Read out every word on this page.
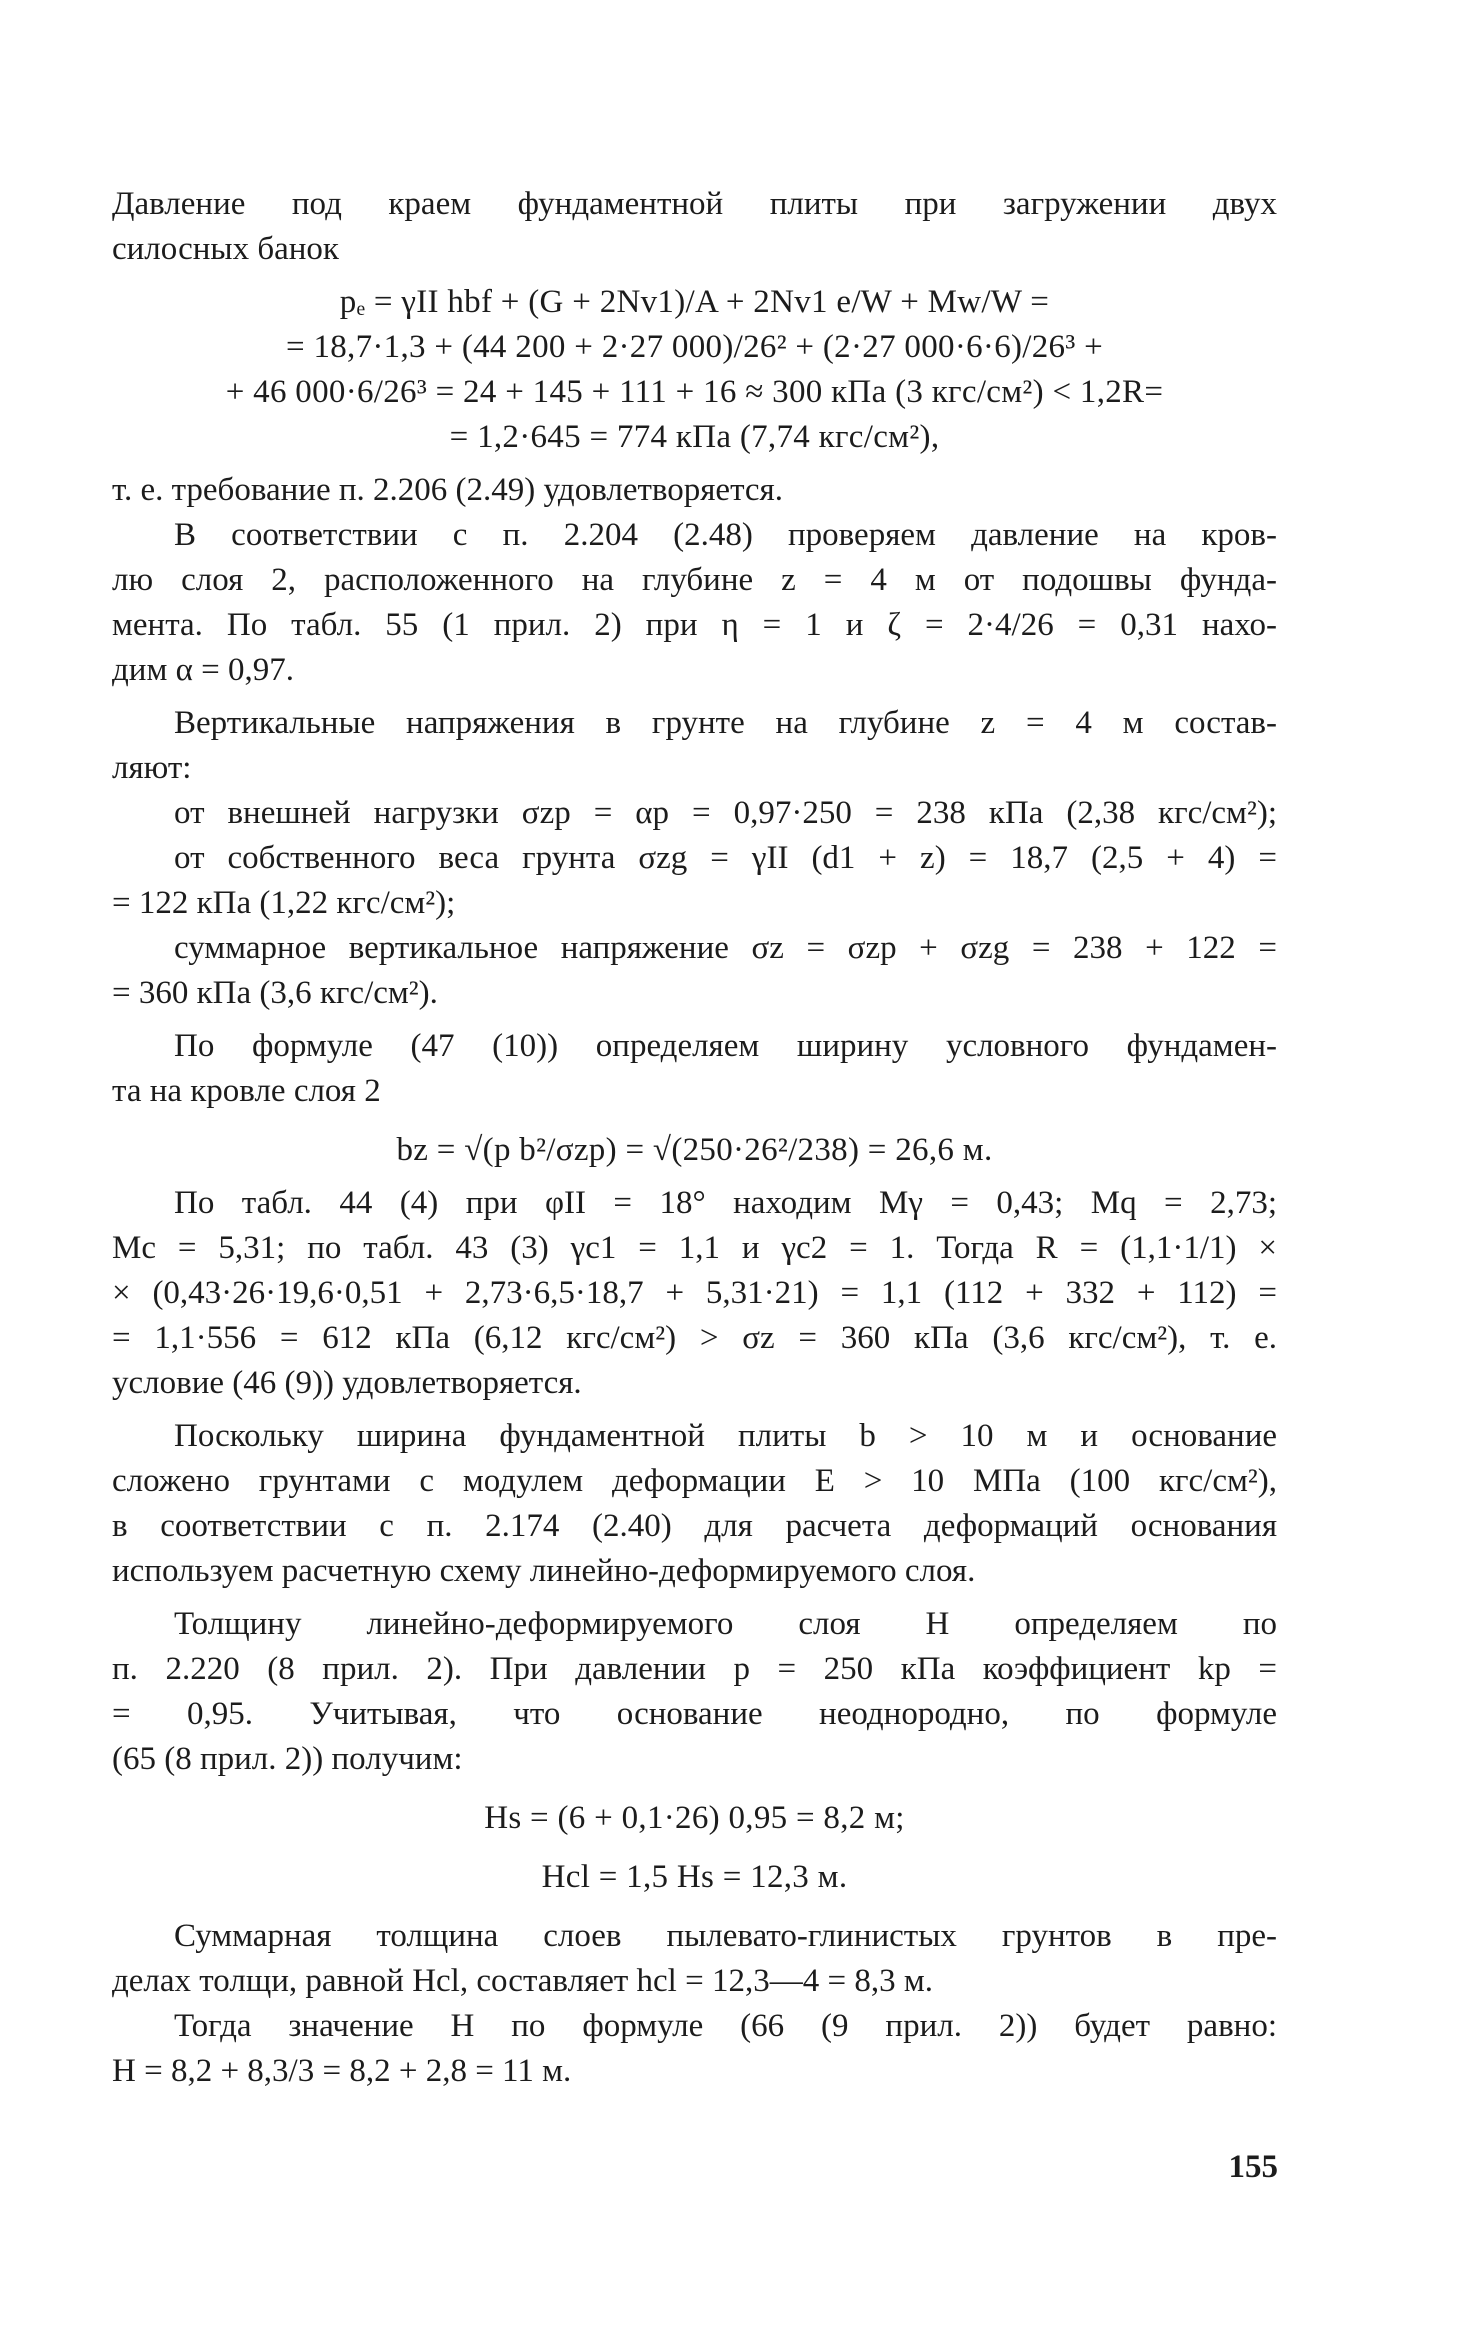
Давление под краем фундаментной плиты при загружении двух
силосных банок
pₑ = γII hbf + (G + 2Nv1)/A + 2Nv1 e/W + Mw/W =
= 18,7·1,3 + (44 200 + 2·27 000)/26² + (2·27 000·6·6)/26³ +
+ 46 000·6/26³ = 24 + 145 + 111 + 16 ≈ 300 кПа (3 кгс/см²) < 1,2R=
= 1,2·645 = 774 кПа (7,74 кгс/см²),
т. е. требование п. 2.206 (2.49) удовлетворяется.
В соответствии с п. 2.204 (2.48) проверяем давление на кров-
лю слоя 2, расположенного на глубине z = 4 м от подошвы фунда-
мента. По табл. 55 (1 прил. 2) при η = 1 и ζ = 2·4/26 = 0,31 нахо-
дим α = 0,97.
Вертикальные напряжения в грунте на глубине z = 4 м состав-
ляют:
от внешней нагрузки σzp = αp = 0,97·250 = 238 кПа (2,38 кгс/см²);
от собственного веса грунта σzg = γII (d1 + z) = 18,7 (2,5 + 4) =
= 122 кПа (1,22 кгс/см²);
суммарное вертикальное напряжение σz = σzp + σzg = 238 + 122 =
= 360 кПа (3,6 кгс/см²).
По формуле (47 (10)) определяем ширину условного фундамен-
та на кровле слоя 2
bz = √(p b²/σzp) = √(250·26²/238) = 26,6 м.
По табл. 44 (4) при φII = 18° находим Mγ = 0,43; Mq = 2,73;
Mc = 5,31; по табл. 43 (3) γc1 = 1,1 и γc2 = 1. Тогда R = (1,1·1/1) ×
× (0,43·26·19,6·0,51 + 2,73·6,5·18,7 + 5,31·21) = 1,1 (112 + 332 + 112) =
= 1,1·556 = 612 кПа (6,12 кгс/см²) > σz = 360 кПа (3,6 кгс/см²), т. е.
условие (46 (9)) удовлетворяется.
Поскольку ширина фундаментной плиты b > 10 м и основание
сложено грунтами с модулем деформации E > 10 МПа (100 кгс/см²),
в соответствии с п. 2.174 (2.40) для расчета деформаций основания
используем расчетную схему линейно-деформируемого слоя.
Толщину линейно-деформируемого слоя H определяем по
п. 2.220 (8 прил. 2). При давлении p = 250 кПа коэффициент kp =
= 0,95. Учитывая, что основание неоднородно, по формуле
(65 (8 прил. 2)) получим:
Hs = (6 + 0,1·26) 0,95 = 8,2 м;
Hcl = 1,5 Hs = 12,3 м.
Суммарная толщина слоев пылевато-глинистых грунтов в пре-
делах толщи, равной Hcl, составляет hcl = 12,3—4 = 8,3 м.
Тогда значение H по формуле (66 (9 прил. 2)) будет равно:
H = 8,2 + 8,3/3 = 8,2 + 2,8 = 11 м.
155
